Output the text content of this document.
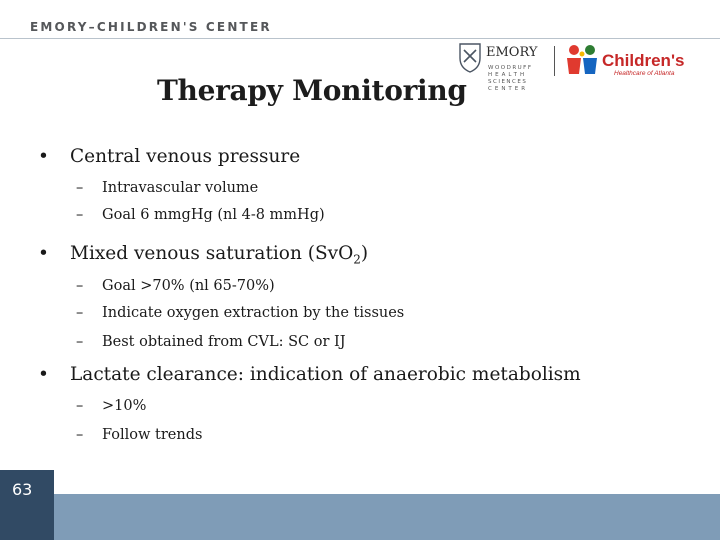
EMORY–CHILDREN'S CENTER
EMORY
WOODRUFF
HEALTH
SCIENCES
CENTER
Children's
Healthcare of Atlanta
Therapy Monitoring
• Central venous pressure
– Intravascular volume
– Goal 6 mmgHg (nl 4-8 mmHg)
• Mixed venous saturation (SvO$_2$)
– Goal >70% (nl 65-70%)
– Indicate oxygen extraction by the tissues
– Best obtained from CVL: SC or IJ
• Lactate clearance: indication of anaerobic metabolism
– >10%
– Follow trends
63
